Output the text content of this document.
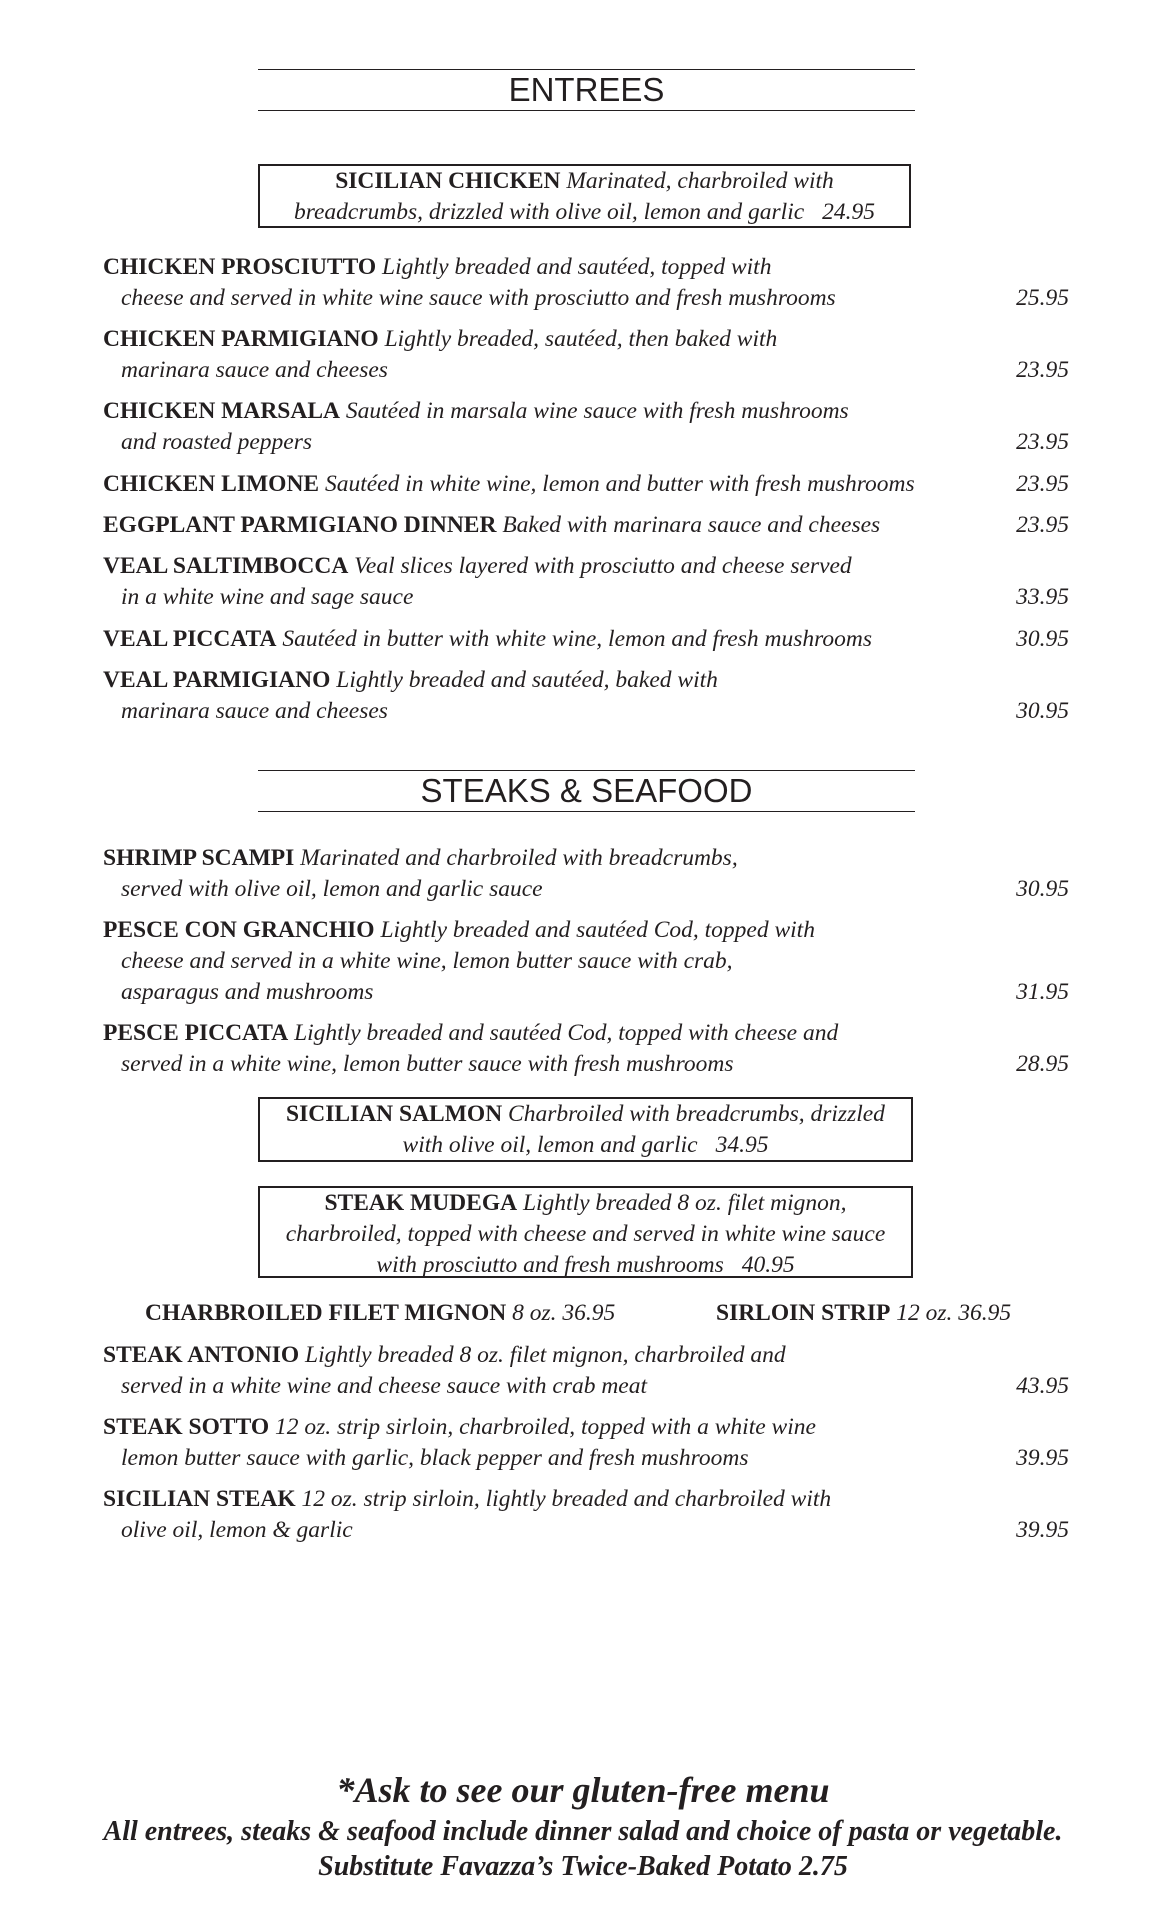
ENTREES
SICILIAN CHICKEN Marinated, charbroiled with
breadcrumbs, drizzled with olive oil, lemon and garlic 24.95
CHICKEN PROSCIUTTO Lightly breaded and sautéed, topped with
cheese and served in white wine sauce with prosciutto and fresh mushrooms	25.95
CHICKEN PARMIGIANO Lightly breaded, sautéed, then baked with
marinara sauce and cheeses	23.95
CHICKEN MARSALA Sautéed in marsala wine sauce with fresh mushrooms
and roasted peppers	23.95
CHICKEN LIMONE Sautéed in white wine, lemon and butter with fresh mushrooms	23.95
EGGPLANT PARMIGIANO DINNER Baked with marinara sauce and cheeses	23.95
VEAL SALTIMBOCCA Veal slices layered with prosciutto and cheese served
in a white wine and sage sauce	33.95
VEAL PICCATA Sautéed in butter with white wine, lemon and fresh mushrooms	30.95
VEAL PARMIGIANO Lightly breaded and sautéed, baked with
marinara sauce and cheeses	30.95
STEAKS & SEAFOOD
SHRIMP SCAMPI Marinated and charbroiled with breadcrumbs,
served with olive oil, lemon and garlic sauce	30.95
PESCE CON GRANCHIO Lightly breaded and sautéed Cod, topped with
cheese and served in a white wine, lemon butter sauce with crab,
asparagus and mushrooms	31.95
PESCE PICCATA Lightly breaded and sautéed Cod, topped with cheese and
served in a white wine, lemon butter sauce with fresh mushrooms	28.95
SICILIAN SALMON Charbroiled with breadcrumbs, drizzled
with olive oil, lemon and garlic 34.95
STEAK MUDEGA Lightly breaded 8 oz. filet mignon,
charbroiled, topped with cheese and served in white wine sauce
with prosciutto and fresh mushrooms 40.95
CHARBROILED FILET MIGNON 8 oz. 36.95	SIRLOIN STRIP 12 oz. 36.95
STEAK ANTONIO Lightly breaded 8 oz. filet mignon, charbroiled and
served in a white wine and cheese sauce with crab meat	43.95
STEAK SOTTO 12 oz. strip sirloin, charbroiled, topped with a white wine
lemon butter sauce with garlic, black pepper and fresh mushrooms	39.95
SICILIAN STEAK 12 oz. strip sirloin, lightly breaded and charbroiled with
olive oil, lemon & garlic	39.95
*Ask to see our gluten-free menu
All entrees, steaks & seafood include dinner salad and choice of pasta or vegetable.
Substitute Favazza’s Twice-Baked Potato 2.75
